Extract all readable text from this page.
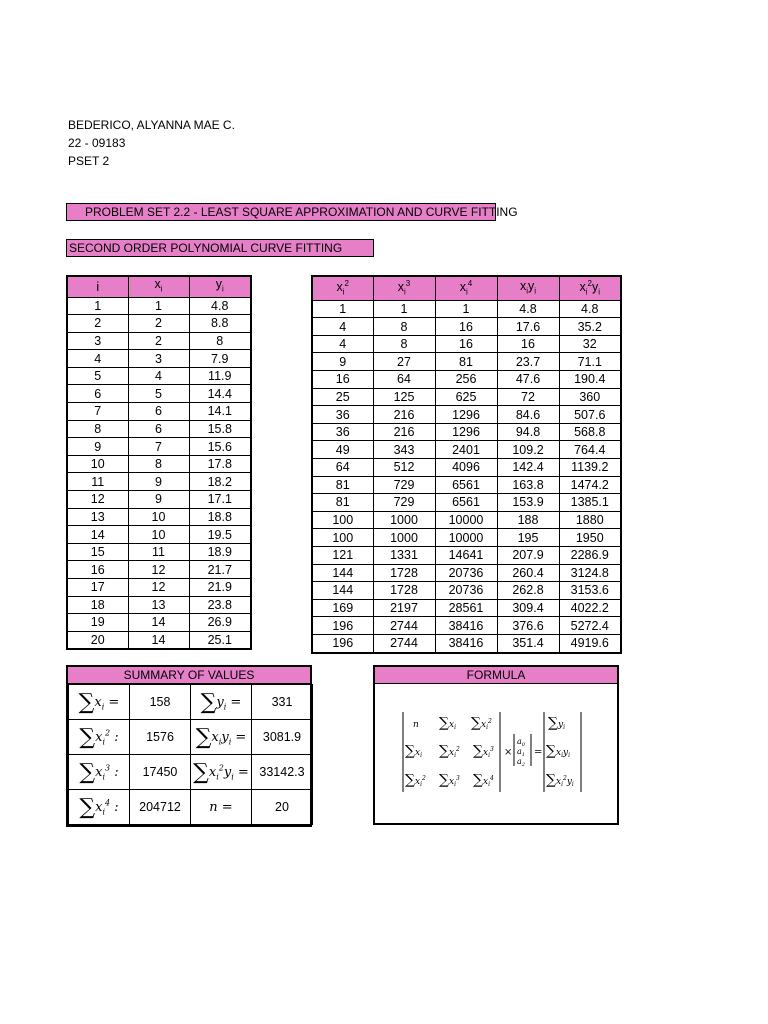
BEDERICO, ALYANNA MAE C.
22 - 09183
PSET 2
PROBLEM SET 2.2 - LEAST SQUARE APPROXIMATION AND CURVE FITTING
SECOND ORDER POLYNOMIAL CURVE FITTING
i	$x_i$	$y_i$
1	1	4.8
2	2	8.8
3	2	8
4	3	7.9
5	4	11.9
6	5	14.4
7	6	14.1
8	6	15.8
9	7	15.6
10	8	17.8
11	9	18.2
12	9	17.1
13	10	18.8
14	10	19.5
15	11	18.9
16	12	21.7
17	12	21.9
18	13	23.8
19	14	26.9
20	14	25.1
$x_i^2$	$x_i^3$	$x_i^4$	$x_iy_i$	$x_i^2y_i$
1	1	1	4.8	4.8
4	8	16	17.6	35.2
4	8	16	16	32
9	27	81	23.7	71.1
16	64	256	47.6	190.4
25	125	625	72	360
36	216	1296	84.6	507.6
36	216	1296	94.8	568.8
49	343	2401	109.2	764.4
64	512	4096	142.4	1139.2
81	729	6561	163.8	1474.2
81	729	6561	153.9	1385.1
100	1000	10000	188	1880
100	1000	10000	195	1950
121	1331	14641	207.9	2286.9
144	1728	20736	260.4	3124.8
144	1728	20736	262.8	3153.6
169	2197	28561	309.4	4022.2
196	2744	38416	376.6	5272.4
196	2744	38416	351.4	4919.6
SUMMARY OF VALUES
$\sum x_i$ =	158	$\sum y_i$ =	331
$\sum x_i^2$ :	1576	$\sum x_iy_i$ =	3081.9
$\sum x_i^3$ :	17450	$\sum x_i^2y_i$ =	33142.3
$\sum x_i^4$ :	204712	n =	20
FORMULA
n $\sum x_i$ $\sum x_i^2$
$\sum x_i$ $\sum x_i^2$ $\sum x_i^3$
$\sum x_i^2$ $\sum x_i^3$ $\sum x_i^4$
×
$a_0$
$a_1$
$a_2$
=
$\sum y_i$
$\sum x_iy_i$
$\sum x_i^2y_i$
